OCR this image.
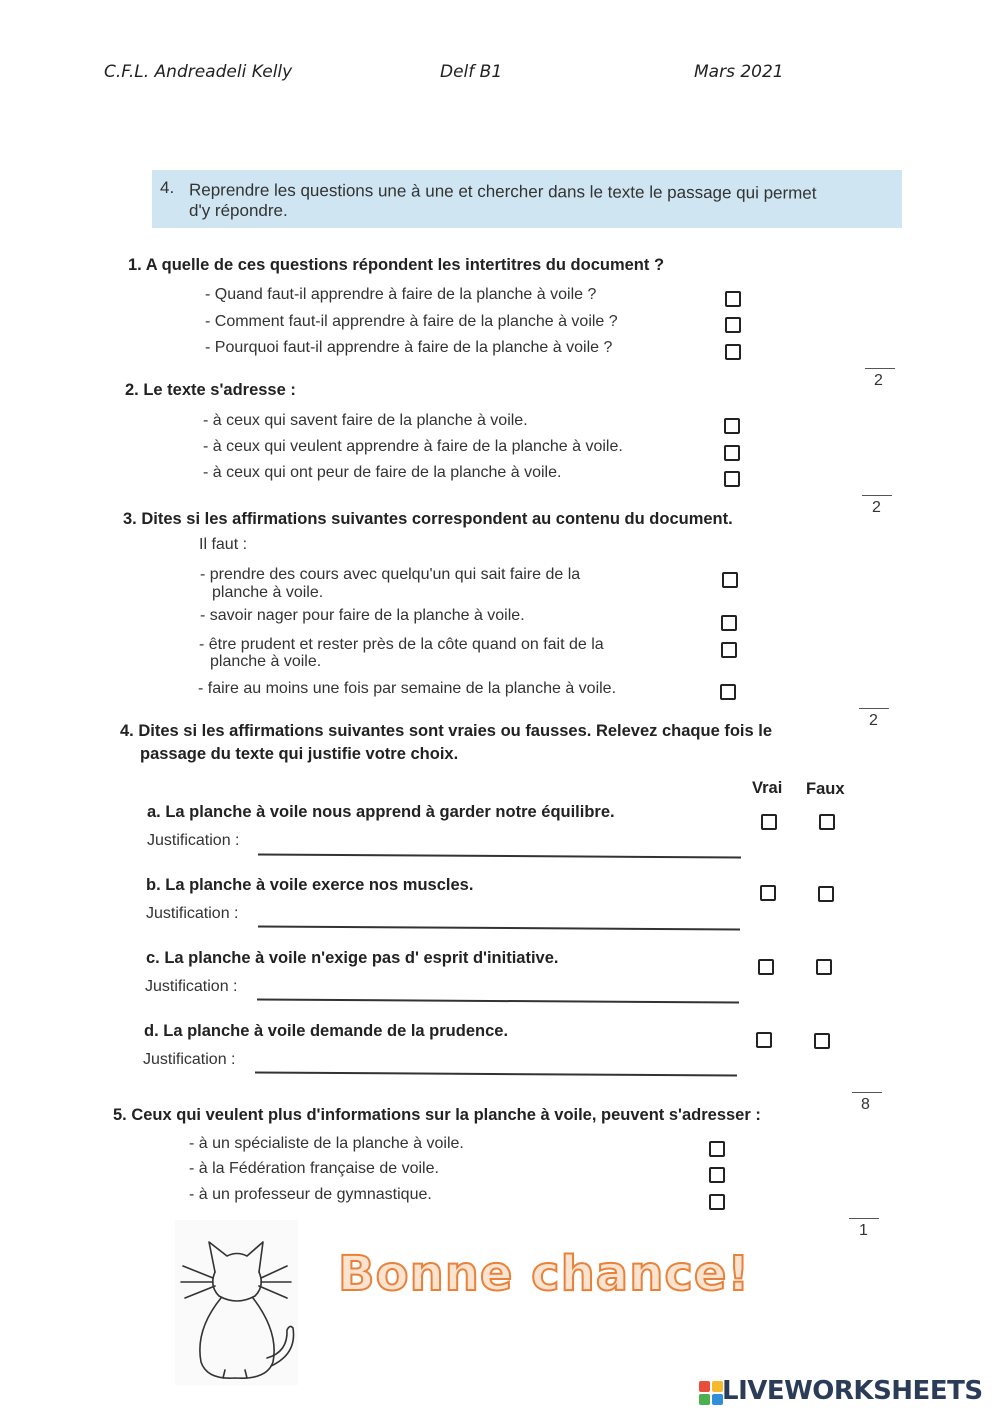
C.F.L. Andreadeli Kelly	Delf B1	Mars 2021
4. Reprendre les questions une à une et chercher dans le texte le passage qui permet
d'y répondre.
1. A quelle de ces questions répondent les intertitres du document ?
- Quand faut-il apprendre à faire de la planche à voile ?
- Comment faut-il apprendre à faire de la planche à voile ?
- Pourquoi faut-il apprendre à faire de la planche à voile ?
2
2. Le texte s'adresse :
- à ceux qui savent faire de la planche à voile.
- à ceux qui veulent apprendre à faire de la planche à voile.
- à ceux qui ont peur de faire de la planche à voile.
2
3. Dites si les affirmations suivantes correspondent au contenu du document.
Il faut :
- prendre des cours avec quelqu'un qui sait faire de la
planche à voile.
- savoir nager pour faire de la planche à voile.
- être prudent et rester près de la côte quand on fait de la
planche à voile.
- faire au moins une fois par semaine de la planche à voile.
2
4. Dites si les affirmations suivantes sont vraies ou fausses. Relevez chaque fois le
passage du texte qui justifie votre choix.
Vrai Faux
a. La planche à voile nous apprend à garder notre équilibre.
Justification :
b. La planche à voile exerce nos muscles.
Justification :
c. La planche à voile n'exige pas d' esprit d'initiative.
Justification :
d. La planche à voile demande de la prudence.
Justification :
8
5. Ceux qui veulent plus d'informations sur la planche à voile, peuvent s'adresser :
- à un spécialiste de la planche à voile.
- à la Fédération française de voile.
- à un professeur de gymnastique.
1
Bonne chance!
LIVEWORKSHEETS
